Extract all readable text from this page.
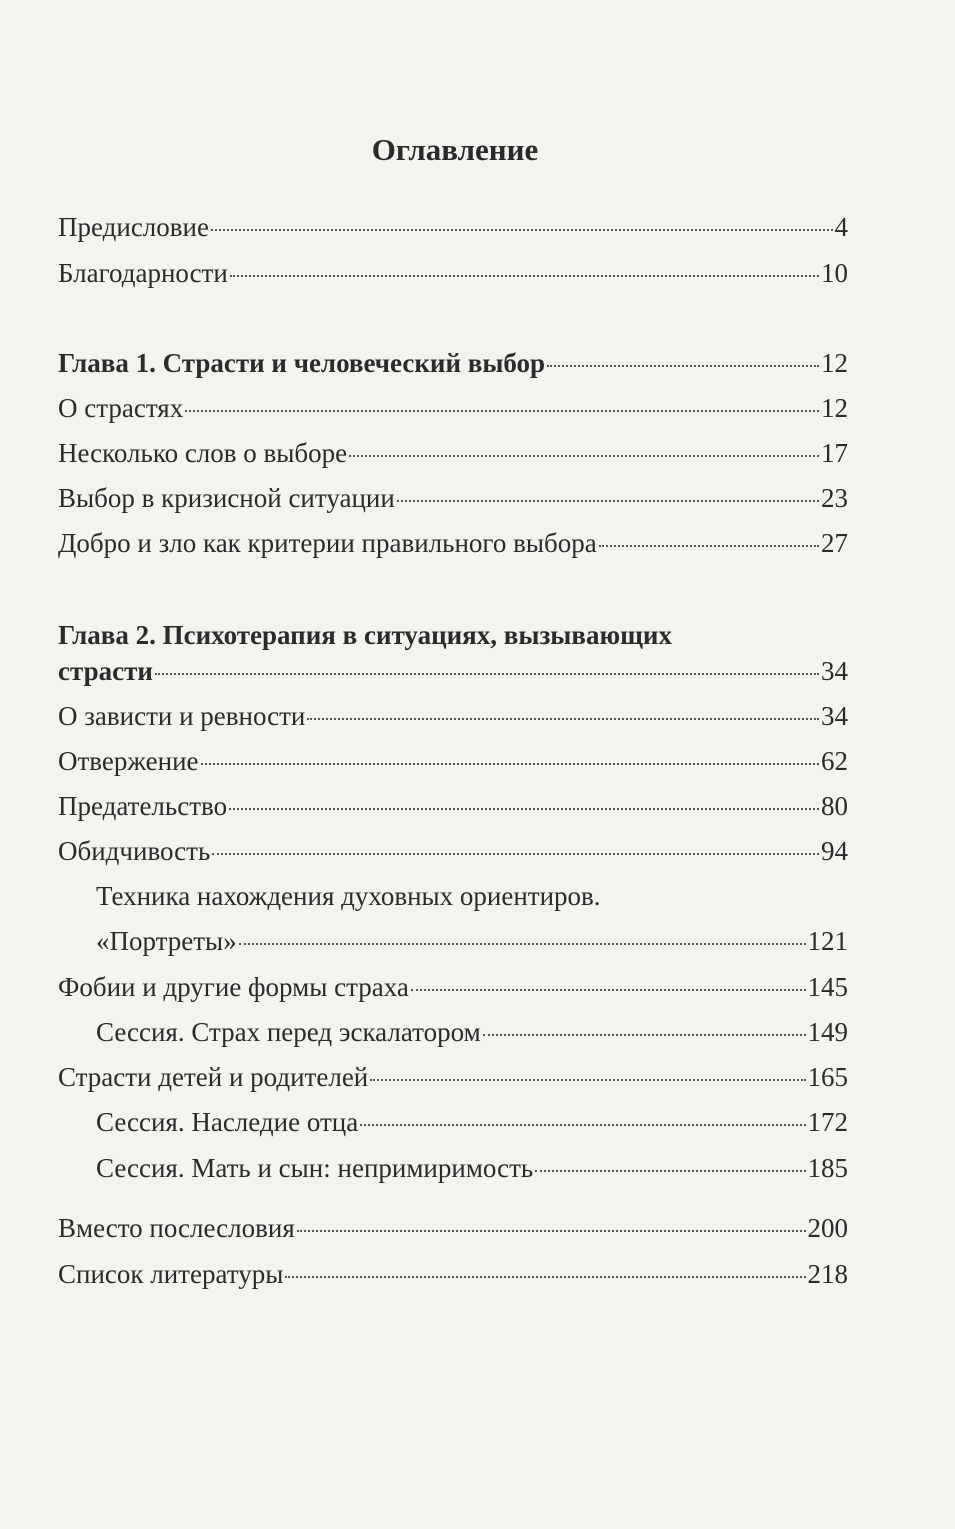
Оглавление
Предисловие	4
Благодарности	10
Глава 1. Страсти и человеческий выбор	12
О страстях	12
Несколько слов о выборе	17
Выбор в кризисной ситуации	23
Добро и зло как критерии правильного выбора	27
Глава 2. Психотерапия в ситуациях, вызывающих
страсти	34
О зависти и ревности	34
Отвержение	62
Предательство	80
Обидчивость	94
Техника нахождения духовных ориентиров.
«Портреты»	121
Фобии и другие формы страха	145
Сессия. Страх перед эскалатором	149
Страсти детей и родителей	165
Сессия. Наследие отца	172
Сессия. Мать и сын: непримиримость	185
Вместо послесловия	200
Список литературы	218
